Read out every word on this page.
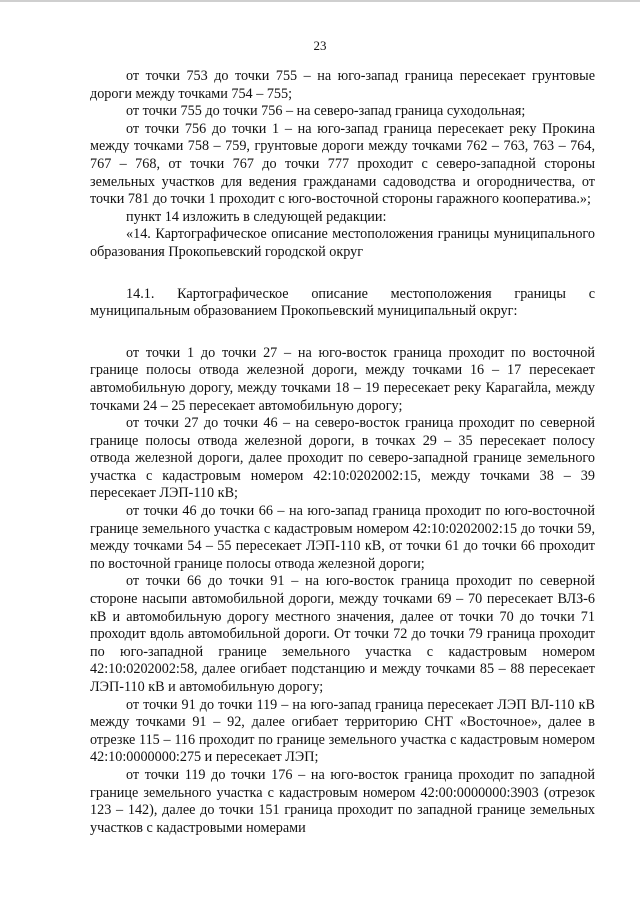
23

от точки 753 до точки 755 – на юго-запад граница пересекает грунтовые дороги между точками 754 – 755;

от точки 755 до точки 756 – на северо-запад граница суходольная;

от точки 756 до точки 1 – на юго-запад граница пересекает реку Прокина между точками 758 – 759, грунтовые дороги между точками 762 – 763, 763 – 764, 767 – 768, от точки 767 до точки 777 проходит с северо-западной стороны земельных участков для ведения гражданами садоводства и огородничества, от точки 781 до точки 1 проходит с юго-восточной стороны гаражного кооператива.»;

пункт 14 изложить в следующей редакции:

«14. Картографическое описание местоположения границы муниципального образования Прокопьевский городской округ

14.1. Картографическое описание местоположения границы с муниципальным образованием Прокопьевский муниципальный округ:

от точки 1 до точки 27 – на юго-восток граница проходит по восточной границе полосы отвода железной дороги, между точками 16 – 17 пересекает автомобильную дорогу, между точками 18 – 19 пересекает реку Карагайла, между точками 24 – 25 пересекает автомобильную дорогу;

от точки 27 до точки 46 – на северо-восток граница проходит по северной границе полосы отвода железной дороги, в точках 29 – 35 пересекает полосу отвода железной дороги, далее проходит по северо-западной границе земельного участка с кадастровым номером 42:10:0202002:15, между точками 38 – 39 пересекает ЛЭП-110 кВ;

от точки 46 до точки 66 – на юго-запад граница проходит по юго-восточной границе земельного участка с кадастровым номером 42:10:0202002:15 до точки 59, между точками 54 – 55 пересекает ЛЭП-110 кВ, от точки 61 до точки 66 проходит по восточной границе полосы отвода железной дороги;

от точки 66 до точки 91 – на юго-восток граница проходит по северной стороне насыпи автомобильной дороги, между точками 69 – 70 пересекает ВЛЗ-6 кВ и автомобильную дорогу местного значения, далее от точки 70 до точки 71 проходит вдоль автомобильной дороги. От точки 72 до точки 79 граница проходит по юго-западной границе земельного участка с кадастровым номером 42:10:0202002:58, далее огибает подстанцию и между точками 85 – 88 пересекает ЛЭП-110 кВ и автомобильную дорогу;

от точки 91 до точки 119 – на юго-запад граница пересекает ЛЭП ВЛ-110 кВ между точками 91 – 92, далее огибает территорию СНТ «Восточное», далее в отрезке 115 – 116 проходит по границе земельного участка с кадастровым номером 42:10:0000000:275 и пересекает ЛЭП;

от точки 119 до точки 176 – на юго-восток граница проходит по западной границе земельного участка с кадастровым номером 42:00:0000000:3903 (отрезок 123 – 142), далее до точки 151 граница проходит по западной границе земельных участков с кадастровыми номерами
